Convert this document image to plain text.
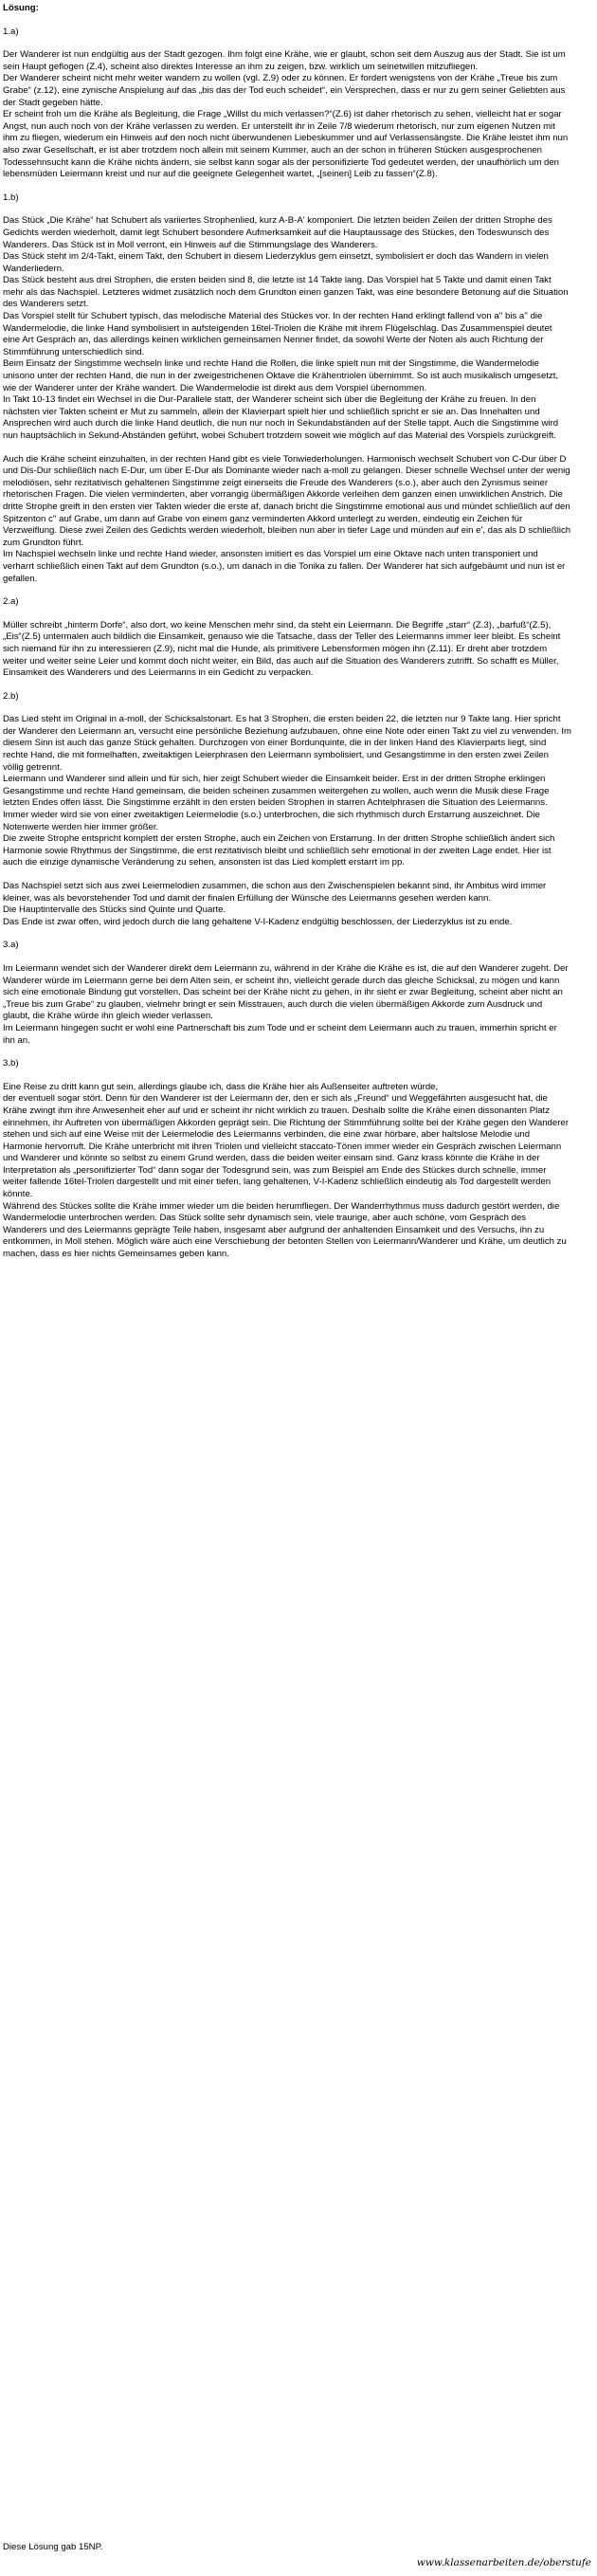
Lösung:
1.a)
Der Wanderer ist nun endgültig aus der Stadt gezogen. Ihm folgt eine Krähe, wie er glaubt, schon seit dem Auszug aus der Stadt. Sie ist um sein Haupt geflogen (Z.4), scheint also direktes Interesse an ihm zu zeigen, bzw. wirklich um seinetwillen mitzufliegen.
Der Wanderer scheint nicht mehr weiter wandern zu wollen (vgl. Z.9) oder zu können. Er fordert wenigstens von der Krähe „Treue bis zum Grabe“ (z.12), eine zynische Anspielung auf das „bis das der Tod euch scheidet“, ein Versprechen, dass er nur zu gern seiner Geliebten aus der Stadt gegeben hätte.
Er scheint froh um die Krähe als Begleitung, die Frage „Willst du mich verlassen?“(Z.6) ist daher rhetorisch zu sehen, vielleicht hat er sogar Angst, nun auch noch von der Krähe verlassen zu werden. Er unterstellt ihr in Zeile 7/8 wiederum rhetorisch, nur zum eigenen Nutzen mit ihm zu fliegen, wiederum ein Hinweis auf den noch nicht überwundenen Liebeskummer und auf Verlassensängste. Die Krähe leistet ihm nun also zwar Gesellschaft, er ist aber trotzdem noch allein mit seinem Kummer, auch an der schon in früheren Stücken ausgesprochenen Todessehnsucht kann die Krähe nichts ändern, sie selbst kann sogar als der personifizierte Tod gedeutet werden, der unaufhörlich um den lebensmüden Leiermann kreist und nur auf die geeignete Gelegenheit wartet, „[seinen] Leib zu fassen“(Z.8).
1.b)
Das Stück „Die Krähe“ hat Schubert als variiertes Strophenlied, kurz A-B-A' komponiert. Die letzten beiden Zeilen der dritten Strophe des Gedichts werden wiederholt, damit legt Schubert besondere Aufmerksamkeit auf die Hauptaussage des Stückes, den Todeswunsch des Wanderers. Das Stück ist in Moll verront, ein Hinweis auf die Stimmungslage des Wanderers.
Das Stück steht im 2/4-Takt, einem Takt, den Schubert in diesem Liederzyklus gern einsetzt, symbolisiert er doch das Wandern in vielen Wanderliedern.
Das Stück besteht aus drei Strophen, die ersten beiden sind 8, die letzte ist 14 Takte lang. Das Vorspiel hat 5 Takte und damit einen Takt mehr als das Nachspiel. Letzteres widmet zusätzlich noch dem Grundton einen ganzen Takt, was eine besondere Betonung auf die Situation des Wanderers setzt.
Das Vorspiel stellt für Schubert typisch, das melodische Material des Stückes vor. In der rechten Hand erklingt fallend von a'' bis a'' die Wandermelodie, die linke Hand symbolisiert in aufsteigenden 16tel-Triolen die Krähe mit ihrem Flügelschlag. Das Zusammenspiel deutet eine Art Gespräch an, das allerdings keinen wirklichen gemeinsamen Nenner findet, da sowohl Werte der Noten als auch Richtung der Stimmführung unterschiedlich sind.
Beim Einsatz der Singstimme wechseln linke und rechte Hand die Rollen, die linke spielt nun mit der Singstimme, die Wandermelodie unisono unter der rechten Hand, die nun in der zweigestrichenen Oktave die Krähentriolen übernimmt. So ist auch musikalisch umgesetzt, wie der Wanderer unter der Krähe wandert. Die Wandermelodie ist direkt aus dem Vorspiel übernommen.
In Takt 10-13 findet ein Wechsel in die Dur-Parallele statt, der Wanderer scheint sich über die Begleitung der Krähe zu freuen. In den nächsten vier Takten scheint er Mut zu sammeln, allein der Klavierpart spielt hier und schließlich spricht er sie an. Das Innehalten und Ansprechen wird auch durch die linke Hand deutlich, die nun nur noch in Sekundabständen auf der Stelle tappt. Auch die Singstimme wird nun hauptsächlich in Sekund-Abständen geführt, wobei Schubert trotzdem soweit wie möglich auf das Material des Vorspiels zurückgreift.
Auch die Krähe scheint einzuhalten, in der rechten Hand gibt es viele Tonwiederholungen. Harmonisch wechselt Schubert von C-Dur über D und Dis-Dur schließlich nach E-Dur, um über E-Dur als Dominante wieder nach a-moll zu gelangen. Dieser schnelle Wechsel unter der wenig melodiösen, sehr rezitativisch gehaltenen Singstimme zeigt einerseits die Freude des Wanderers (s.o.), aber auch den Zynismus seiner rhetorischen Fragen. Die vielen verminderten, aber vorrangig übermäßigen Akkorde verleihen dem ganzen einen unwirklichen Anstrich. Die dritte Strophe greift in den ersten vier Takten wieder die erste af, danach bricht die Singstimme emotional aus und mündet schließlich auf den Spitzenton c'' auf Grabe, um dann auf Grabe von einem ganz verminderten Akkord unterlegt zu werden, eindeutig ein Zeichen für Verzweiflung. Diese zwei Zeilen des Gedichts werden wiederholt, bleiben nun aber in tiefer Lage und münden auf ein e', das als D schließlich zum Grundton führt.
Im Nachspiel wechseln linke und rechte Hand wieder, ansonsten imitiert es das Vorspiel um eine Oktave nach unten transponiert und verharrt schließlich einen Takt auf dem Grundton (s.o.), um danach in die Tonika zu fallen. Der Wanderer hat sich aufgebäumt und nun ist er gefallen.
2.a)
Müller schreibt „hinterm Dorfe“, also dort, wo keine Menschen mehr sind, da steht ein Leiermann. Die Begriffe „starr“ (Z.3), „barfuß“(Z.5), „Eis“(Z.5) untermalen auch bildlich die Einsamkeit, genauso wie die Tatsache, dass der Teller des Leiermanns immer leer bleibt. Es scheint sich niemand für ihn zu interessieren (Z.9), nicht mal die Hunde, als primitivere Lebensformen mögen ihn (Z.11). Er dreht aber trotzdem weiter und weiter seine Leier und kommt doch nicht weiter, ein Bild, das auch auf die Situation des Wanderers zutrifft. So schafft es Müller, Einsamkeit des Wanderers und des Leiermanns in ein Gedicht zu verpacken.
2.b)
Das Lied steht im Original in a-moll, der Schicksalstonart. Es hat 3 Strophen, die ersten beiden 22, die letzten nur 9 Takte lang. Hier spricht der Wanderer den Leiermann an, versucht eine persönliche Beziehung aufzubauen, ohne eine Note oder einen Takt zu viel zu verwenden. Im diesem Sinn ist auch das ganze Stück gehalten. Durchzogen von einer Bordunquinte, die in der linken Hand des Klavierparts liegt, sind rechte Hand, die mit formelhaften, zweitaktigen Leierphrasen den Leiermann symbolisiert, und Gesangstimme in den ersten zwei Zeilen völlig getrennt.
Leiermann und Wanderer sind allein und für sich, hier zeigt Schubert wieder die Einsamkeit beider. Erst in der dritten Strophe erklingen Gesangstimme und rechte Hand gemeinsam, die beiden scheinen zusammen weitergehen zu wollen, auch wenn die Musik diese Frage letzten Endes offen lässt. Die Singstimme erzählt in den ersten beiden Strophen in starren Achtelphrasen die Situation des Leiermanns. Immer wieder wird sie von einer zweitaktigen Leiermelodie (s.o.) unterbrochen, die sich rhythmisch durch Erstarrung auszeichnet. Die Notenwerte werden hier immer größer.
Die zweite Strophe entspricht komplett der ersten Strophe, auch ein Zeichen von Erstarrung. In der dritten Strophe schließlich ändert sich Harmonie sowie Rhythmus der Singstimme, die erst rezitativisch bleibt und schließlich sehr emotional in der zweiten Lage endet. Hier ist auch die einzige dynamische Veränderung zu sehen, ansonsten ist das Lied komplett erstarrt im pp.
Das Nachspiel setzt sich aus zwei Leiermelodien zusammen, die schon aus den Zwischenspielen bekannt sind, ihr Ambitus wird immer kleiner, was als bevorstehender Tod und damit der finalen Erfüllung der Wünsche des Leiermanns gesehen werden kann.
Die Hauptintervalle des Stücks sind Quinte und Quarte.
Das Ende ist zwar offen, wird jedoch durch die lang gehaltene V-I-Kadenz endgültig beschlossen, der Liederzyklus ist zu ende.
3.a)
Im Leiermann wendet sich der Wanderer direkt dem Leiermann zu, während in der Krähe die Krähe es ist, die auf den Wanderer zugeht. Der Wanderer würde im Leiermann gerne bei dem Alten sein, er scheint ihn, vielleicht gerade durch das gleiche Schicksal, zu mögen und kann sich eine emotionale Bindung gut vorstellen. Das scheint bei der Krähe nicht zu gehen, in ihr sieht er zwar Begleitung, scheint aber nicht an „Treue bis zum Grabe“ zu glauben, vielmehr bringt er sein Misstrauen, auch durch die vielen übermäßigen Akkorde zum Ausdruck und glaubt, die Krähe würde ihn gleich wieder verlassen.
Im Leiermann hingegen sucht er wohl eine Partnerschaft bis zum Tode und er scheint dem Leiermann auch zu trauen, immerhin spricht er ihn an.
3.b)
Eine Reise zu dritt kann gut sein, allerdings glaube ich, dass die Krähe hier als Außenseiter auftreten würde,
der eventuell sogar stört. Denn für den Wanderer ist der Leiermann der, den er sich als „Freund“ und Weggefährten ausgesucht hat, die Krähe zwingt ihm ihre Anwesenheit eher auf und er scheint ihr nicht wirklich zu trauen. Deshalb sollte die Krähe einen dissonanten Platz einnehmen, ihr Auftreten von übermäßigen Akkorden geprägt sein. Die Richtung der Stimmführung sollte bei der Krähe gegen den Wanderer stehen und sich auf eine Weise mit der Leiermelodie des Leiermanns verbinden, die eine zwar hörbare, aber haltslose Melodie und Harmonie hervorruft. Die Krähe unterbricht mit ihren Triolen und vielleicht staccato-Tönen immer wieder ein Gespräch zwischen Leiermann und Wanderer und könnte so selbst zu einem Grund werden, dass die beiden weiter einsam sind. Ganz krass könnte die Krähe in der Interpretation als „personifizierter Tod“ dann sogar der Todesgrund sein, was zum Beispiel am Ende des Stückes durch schnelle, immer weiter fallende 16tel-Triolen dargestellt und mit einer tiefen, lang gehaltenen, V-I-Kadenz schließlich eindeutig als Tod dargestellt werden könnte.
Während des Stückes sollte die Krähe immer wieder um die beiden herumfliegen. Der Wanderrhythmus muss dadurch gestört werden, die Wandermelodie unterbrochen werden. Das Stück sollte sehr dynamisch sein, viele traurige, aber auch schöne, vom Gespräch des Wanderers und des Leiermanns geprägte Teile haben, insgesamt aber aufgrund der anhaltenden Einsamkeit und des Versuchs, ihn zu entkommen, in Moll stehen. Möglich wäre auch eine Verschiebung der betonten Stellen von Leiermann/Wanderer und Krähe, um deutlich zu machen, dass es hier nichts Gemeinsames geben kann.
Diese Lösung gab 15NP.
www.klassenarbeiten.de/oberstufe
